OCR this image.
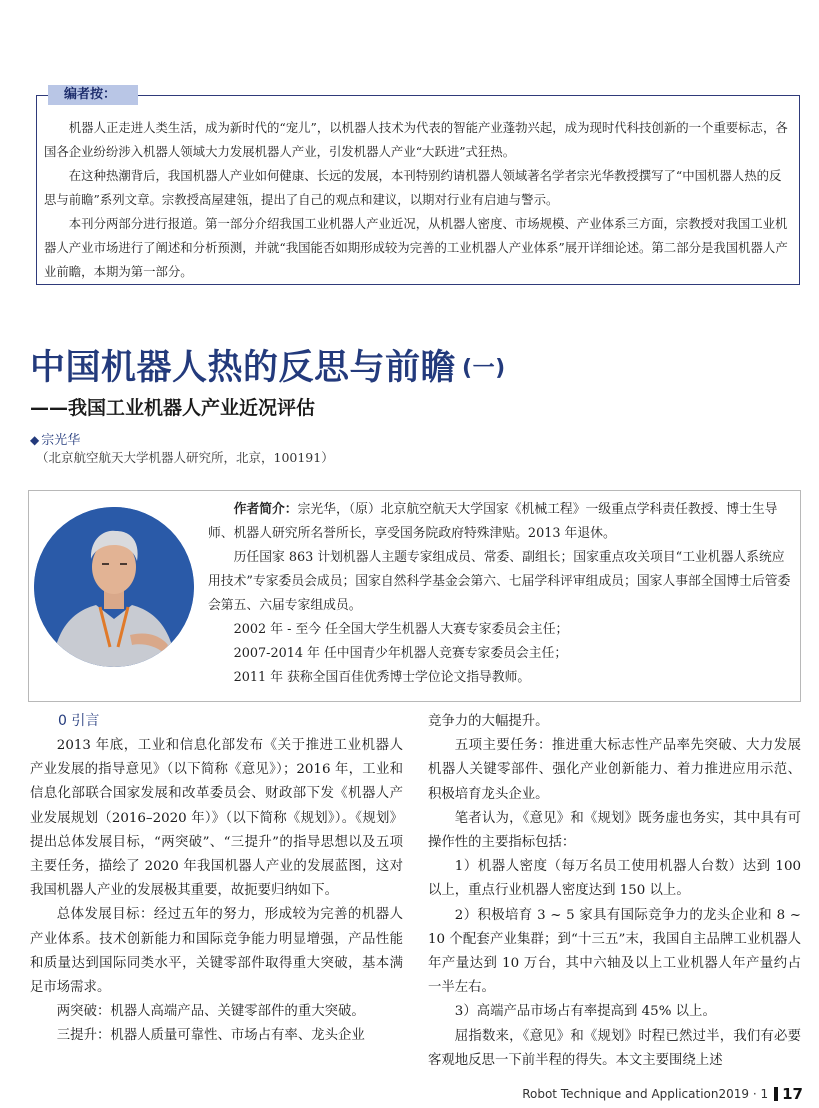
编者按：

机器人正走进人类生活，成为新时代的“宠儿”，以机器人技术为代表的智能产业蓬勃兴起，成为现时代科技创新的一个重要标志，各国各企业纷纷涉入机器人领域大力发展机器人产业，引发机器人产业“大跃进”式狂热。

在这种热潮背后，我国机器人产业如何健康、长远的发展，本刊特别约请机器人领域著名学者宗光华教授撰写了“中国机器人热的反思与前瞻”系列文章。宗教授高屋建瓴，提出了自己的观点和建议，以期对行业有启迪与警示。

本刊分两部分进行报道。第一部分介绍我国工业机器人产业近况，从机器人密度、市场规模、产业体系三方面，宗教授对我国工业机器人产业市场进行了阐述和分析预测，并就“我国能否如期形成较为完善的工业机器人产业体系”展开详细论述。第二部分是我国机器人产业前瞻，本期为第一部分。

中国机器人热的反思与前瞻 (一)
——我国工业机器人产业近况评估
◆ 宗光华
（北京航空航天大学机器人研究所，北京，100191）

作者简介：宗光华，（原）北京航空航天大学国家《机械工程》一级重点学科责任教授、博士生导师、机器人研究所名誉所长，享受国务院政府特殊津贴。2013 年退休。

历任国家 863 计划机器人主题专家组成员、常委、副组长；国家重点攻关项目“工业机器人系统应用技术”专家委员会成员；国家自然科学基金会第六、七届学科评审组成员；国家人事部全国博士后管委会第五、六届专家组成员。

2002 年 - 至今 任全国大学生机器人大赛专家委员会主任；

2007-2014 年 任中国青少年机器人竞赛专家委员会主任；

2011 年 获称全国百佳优秀博士学位论文指导教师。

0 引言

2013 年底，工业和信息化部发布《关于推进工业机器人产业发展的指导意见》（以下简称《意见》）；2016 年，工业和信息化部联合国家发展和改革委员会、财政部下发《机器人产业发展规划（2016–2020 年）》（以下简称《规划》）。《规划》提出总体发展目标，“两突破”、“三提升”的指导思想以及五项主要任务，描绘了 2020 年我国机器人产业的发展蓝图，这对我国机器人产业的发展极其重要，故扼要归纳如下。

总体发展目标：经过五年的努力，形成较为完善的机器人产业体系。技术创新能力和国际竞争能力明显增强，产品性能和质量达到国际同类水平，关键零部件取得重大突破，基本满足市场需求。

两突破：机器人高端产品、关键零部件的重大突破。

三提升：机器人质量可靠性、市场占有率、龙头企业

竞争力的大幅提升。

五项主要任务：推进重大标志性产品率先突破、大力发展机器人关键零部件、强化产业创新能力、着力推进应用示范、积极培育龙头企业。

笔者认为，《意见》和《规划》既务虚也务实，其中具有可操作性的主要指标包括：

1）机器人密度（每万名员工使用机器人台数）达到 100 以上，重点行业机器人密度达到 150 以上。

2）积极培育 3 ~ 5 家具有国际竞争力的龙头企业和 8 ~ 10 个配套产业集群；到“十三五”末，我国自主品牌工业机器人年产量达到 10 万台，其中六轴及以上工业机器人年产量约占一半左右。

3）高端产品市场占有率提高到 45% 以上。

屈指数来，《意见》和《规划》时程已然过半，我们有必要客观地反思一下前半程的得失。本文主要围绕上述

Robot Technique and Application2019 · 1 17
